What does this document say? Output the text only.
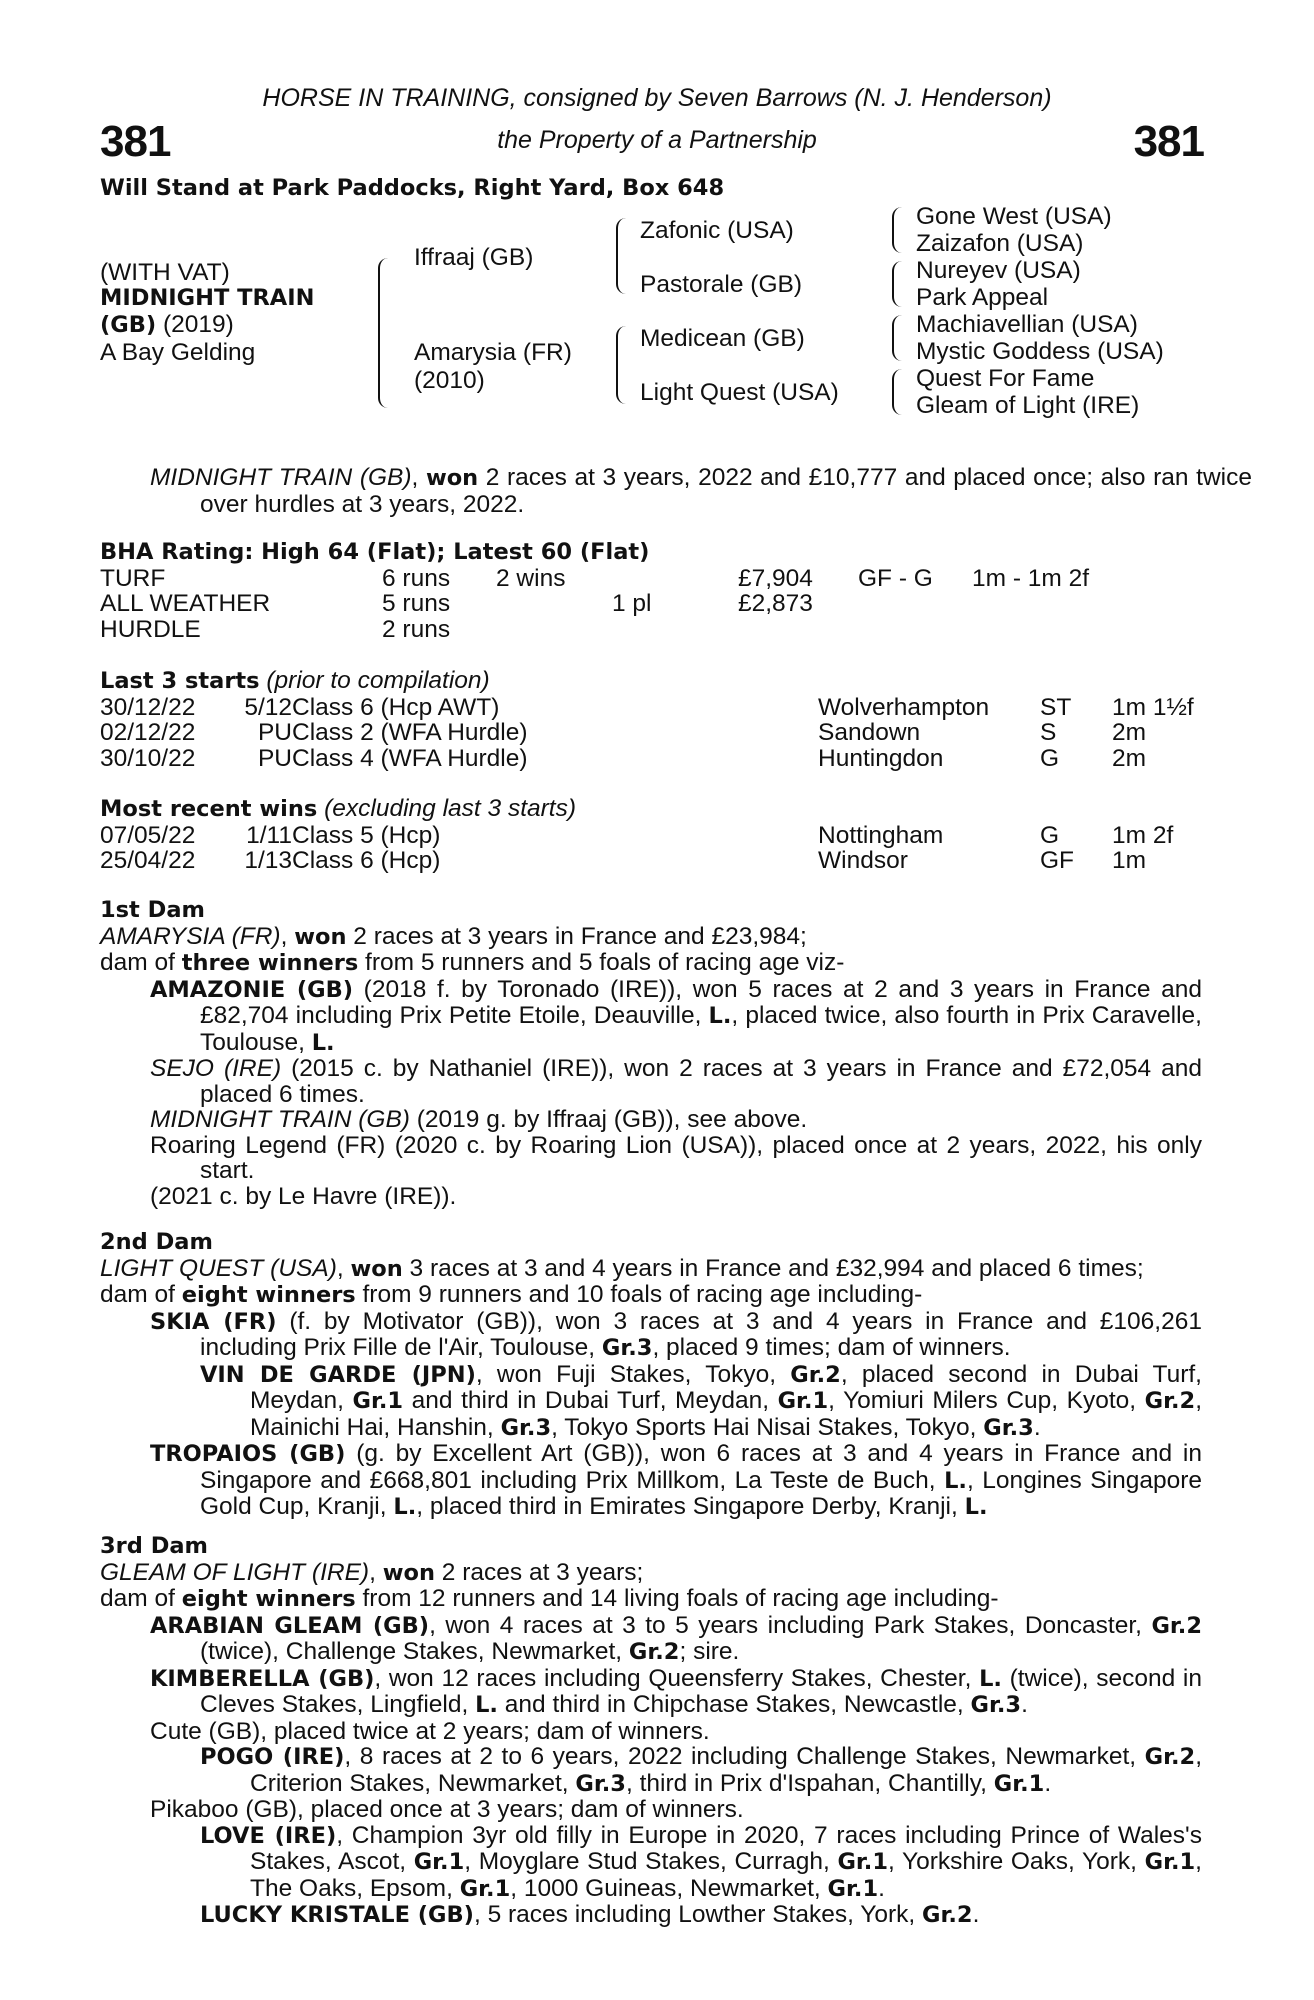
381	381
HORSE IN TRAINING, consigned by Seven Barrows (N. J. Henderson)
the Property of a Partnership
Will Stand at Park Paddocks, Right Yard, Box 648
(WITH VAT)
MIDNIGHT TRAIN
(GB) (2019)
A Bay Gelding
Iffraaj (GB)
Amarysia (FR)
(2010)
Zafonic (USA)
Pastorale (GB)
Medicean (GB)
Light Quest (USA)
Gone West (USA)
Zaizafon (USA)
Nureyev (USA)
Park Appeal
Machiavellian (USA)
Mystic Goddess (USA)
Quest For Fame
Gleam of Light (IRE)
MIDNIGHT TRAIN (GB), won 2 races at 3 years, 2022 and £10,777 and placed once; also ran twice over hurdles at 3 years, 2022.
BHA Rating: High 64 (Flat); Latest 60 (Flat)
TURF	6 runs 2 wins	£7,904 GF - G 1m - 1m 2f
ALL WEATHER	5 runs	1 pl	£2,873
HURDLE	2 runs
Last 3 starts (prior to compilation)
30/12/22	5/12 Class 6 (Hcp AWT)	Wolverhampton ST 1m 1½f
02/12/22	PU Class 2 (WFA Hurdle)	Sandown	S 2m
30/10/22	PU Class 4 (WFA Hurdle)	Huntingdon	G 2m
Most recent wins (excluding last 3 starts)
07/05/22	1/11 Class 5 (Hcp)	Nottingham	G 1m 2f
25/04/22	1/13 Class 6 (Hcp)	Windsor	GF 1m
1st Dam
AMARYSIA (FR), won 2 races at 3 years in France and £23,984;
dam of three winners from 5 runners and 5 foals of racing age viz-
AMAZONIE (GB) (2018 f. by Toronado (IRE)), won 5 races at 2 and 3 years in France and £82,704 including Prix Petite Etoile, Deauville, L., placed twice, also fourth in Prix Caravelle, Toulouse, L.
SEJO (IRE) (2015 c. by Nathaniel (IRE)), won 2 races at 3 years in France and £72,054 and placed 6 times.
MIDNIGHT TRAIN (GB) (2019 g. by Iffraaj (GB)), see above.
Roaring Legend (FR) (2020 c. by Roaring Lion (USA)), placed once at 2 years, 2022, his only start.
(2021 c. by Le Havre (IRE)).
2nd Dam
LIGHT QUEST (USA), won 3 races at 3 and 4 years in France and £32,994 and placed 6 times;
dam of eight winners from 9 runners and 10 foals of racing age including-
SKIA (FR) (f. by Motivator (GB)), won 3 races at 3 and 4 years in France and £106,261 including Prix Fille de l'Air, Toulouse, Gr.3, placed 9 times; dam of winners.
VIN DE GARDE (JPN), won Fuji Stakes, Tokyo, Gr.2, placed second in Dubai Turf, Meydan, Gr.1 and third in Dubai Turf, Meydan, Gr.1, Yomiuri Milers Cup, Kyoto, Gr.2, Mainichi Hai, Hanshin, Gr.3, Tokyo Sports Hai Nisai Stakes, Tokyo, Gr.3.
TROPAIOS (GB) (g. by Excellent Art (GB)), won 6 races at 3 and 4 years in France and in Singapore and £668,801 including Prix Millkom, La Teste de Buch, L., Longines Singapore Gold Cup, Kranji, L., placed third in Emirates Singapore Derby, Kranji, L.
3rd Dam
GLEAM OF LIGHT (IRE), won 2 races at 3 years;
dam of eight winners from 12 runners and 14 living foals of racing age including-
ARABIAN GLEAM (GB), won 4 races at 3 to 5 years including Park Stakes, Doncaster, Gr.2 (twice), Challenge Stakes, Newmarket, Gr.2; sire.
KIMBERELLA (GB), won 12 races including Queensferry Stakes, Chester, L. (twice), second in Cleves Stakes, Lingfield, L. and third in Chipchase Stakes, Newcastle, Gr.3.
Cute (GB), placed twice at 2 years; dam of winners.
POGO (IRE), 8 races at 2 to 6 years, 2022 including Challenge Stakes, Newmarket, Gr.2, Criterion Stakes, Newmarket, Gr.3, third in Prix d'Ispahan, Chantilly, Gr.1.
Pikaboo (GB), placed once at 3 years; dam of winners.
LOVE (IRE), Champion 3yr old filly in Europe in 2020, 7 races including Prince of Wales's Stakes, Ascot, Gr.1, Moyglare Stud Stakes, Curragh, Gr.1, Yorkshire Oaks, York, Gr.1, The Oaks, Epsom, Gr.1, 1000 Guineas, Newmarket, Gr.1.
LUCKY KRISTALE (GB), 5 races including Lowther Stakes, York, Gr.2.
